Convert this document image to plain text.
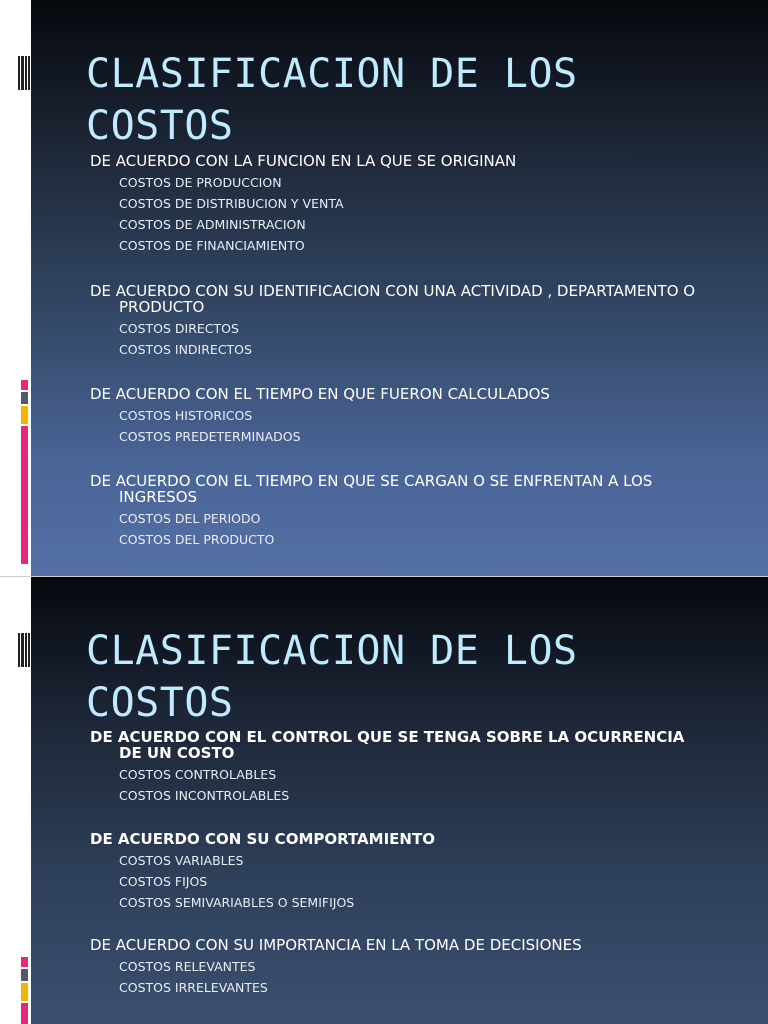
CLASIFICACION DE LOS COSTOS

DE ACUERDO CON LA FUNCION EN LA QUE SE ORIGINAN

COSTOS DE PRODUCCION
COSTOS DE DISTRIBUCION Y VENTA
COSTOS DE ADMINISTRACION
COSTOS DE FINANCIAMIENTO

DE ACUERDO CON SU IDENTIFICACION CON UNA ACTIVIDAD , DEPARTAMENTO O PRODUCTO

COSTOS DIRECTOS
COSTOS INDIRECTOS

DE ACUERDO CON EL TIEMPO EN QUE FUERON CALCULADOS

COSTOS HISTORICOS
COSTOS PREDETERMINADOS

DE ACUERDO CON EL TIEMPO EN QUE SE CARGAN O SE ENFRENTAN A LOS INGRESOS

COSTOS DEL PERIODO
COSTOS DEL PRODUCTO
CLASIFICACION DE LOS COSTOS

DE ACUERDO CON EL CONTROL QUE SE TENGA SOBRE LA OCURRENCIA DE UN COSTO

COSTOS CONTROLABLES
COSTOS INCONTROLABLES

DE ACUERDO CON SU COMPORTAMIENTO

COSTOS VARIABLES
COSTOS FIJOS
COSTOS SEMIVARIABLES O SEMIFIJOS

DE ACUERDO CON SU IMPORTANCIA EN LA TOMA DE DECISIONES

COSTOS RELEVANTES
COSTOS IRRELEVANTES
